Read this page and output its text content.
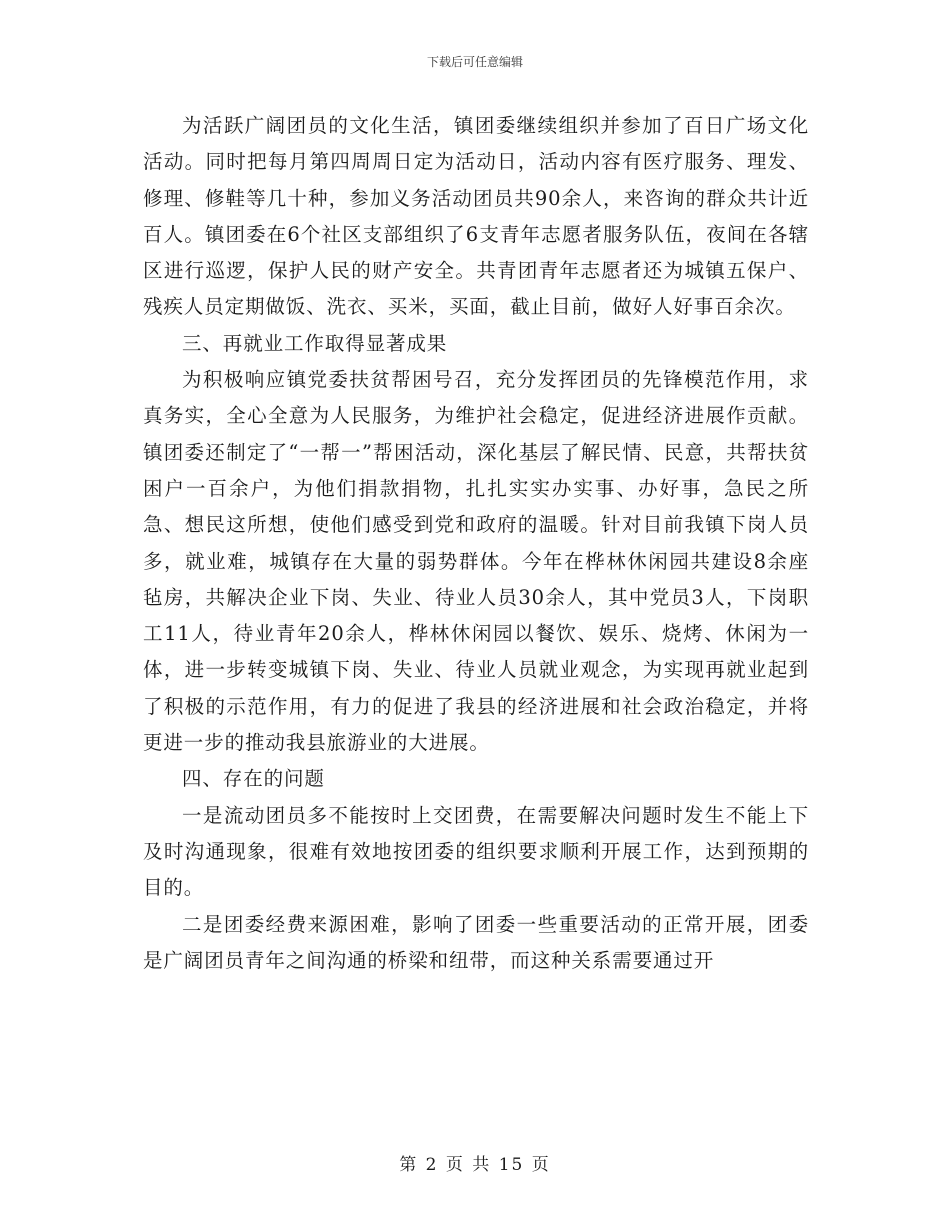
下载后可任意编辑

为活跃广阔团员的文化生活，镇团委继续组织并参加了百日广场文化活动。同时把每月第四周周日定为活动日，活动内容有医疗服务、理发、修理、修鞋等几十种，参加义务活动团员共90余人，来咨询的群众共计近百人。镇团委在6个社区支部组织了6支青年志愿者服务队伍，夜间在各辖区进行巡逻，保护人民的财产安全。共青团青年志愿者还为城镇五保户、残疾人员定期做饭、洗衣、买米，买面，截止目前，做好人好事百余次。

三、再就业工作取得显著成果

为积极响应镇党委扶贫帮困号召，充分发挥团员的先锋模范作用，求真务实，全心全意为人民服务，为维护社会稳定，促进经济进展作贡献。镇团委还制定了“一帮一”帮困活动，深化基层了解民情、民意，共帮扶贫困户一百余户，为他们捐款捐物，扎扎实实办实事、办好事，急民之所急、想民这所想，使他们感受到党和政府的温暖。针对目前我镇下岗人员多，就业难，城镇存在大量的弱势群体。今年在桦林休闲园共建设8余座毡房，共解决企业下岗、失业、待业人员30余人，其中党员3人，下岗职工11人，待业青年20余人，桦林休闲园以餐饮、娱乐、烧烤、休闲为一体，进一步转变城镇下岗、失业、待业人员就业观念，为实现再就业起到了积极的示范作用，有力的促进了我县的经济进展和社会政治稳定，并将更进一步的推动我县旅游业的大进展。

四、存在的问题

一是流动团员多不能按时上交团费，在需要解决问题时发生不能上下及时沟通现象，很难有效地按团委的组织要求顺利开展工作，达到预期的目的。

二是团委经费来源困难，影响了团委一些重要活动的正常开展，团委是广阔团员青年之间沟通的桥梁和纽带，而这种关系需要通过开

第 2 页 共 15 页
